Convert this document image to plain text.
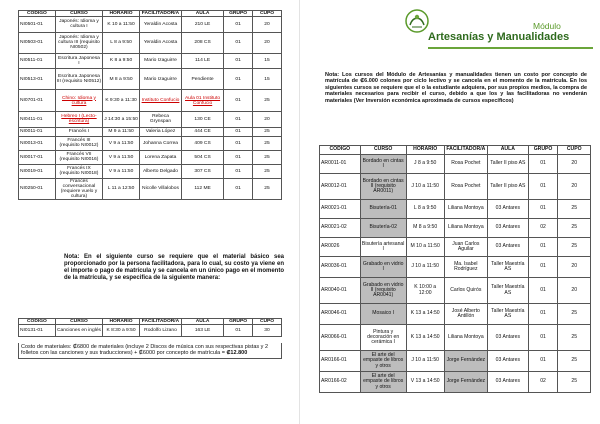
CÓDIGO	CURSO	HORARIO	FACILITADOR/A	AULA	GRUPO	CUPO
NI0501-01	Japonés: Idioma y cultura I	K 10 a 11:50	Yeraldin Acosta	210 LE	01	20
NI0503-01	Japonés: Idioma y cultura III (requisito NI0502)	L 8 a 9:50	Yeraldin Acosta	208 CS	01	20
NI0511-01	Escritura Japonesa I	K 8 a 9:50	Mario Izaguirre	114 LE	01	15
NI0513-01	Escritura Japonesa III (requisito NI0512)	M 8 a 9:50	Mario Izaguirre	Pendiente	01	15
NI0701-01	Chino: Idioma y cultura	K 9:30 a 11:30	Instituto Confucio	Aula 01 Instituto Confucio	01	25
NI0411-01	Hebreo I (Lecto-escritura)	J 14:30 a 15:50	Rebeca Grynspan	130 CE	01	20
NI0011-01	Francés I	M 9 a 11:50	Valeria López	444 CE	01	25
NI0013-01	Francés III (requisito NI0012)	V 9 a 11:50	Johanna Correa	409 CS	01	25
NI0017-01	Francés VII (requisito NI0016)	V 9 a 11:50	Lorena Zapata	504 CS	01	25
NI0019-01	Francés IX (requisito NI0018)	V 9 a 11:50	Alberto Delgado	307 CS	01	25
NI0250-01	Francés conversacional (requiere vuelo y cultura)	L 11 a 12:50	Nicolle Villalobos	112 ME	01	25

Nota: En el siguiente curso se requiere que el material básico sea proporcionado por la persona facilitadora, para lo cual, su costo ya viene en el importe o pago de matrícula y se cancela en un único pago en el momento de la matrícula, y se especifica de la siguiente manera:

CÓDIGO	CURSO	HORARIO	FACILITADOR/A	AULA	GRUPO	CUPO
NI0131-01	Canciones en inglés	K 8:30 a 9:50	Rodolfo Lizano	163 LE	01	30
Costo de materiales: ₡6800 de materiales (incluye 2 Discos de música con sus respectivas pistas y 2 folletos con las canciones y sus traducciones) + ₡6000 por concepto de matrícula = ₡12.800
Módulo
Artesanías y Manualidades

Nota: Los cursos del Módulo de Artesanías y manualidades tienen un costo por concepto de matrícula de ₡6.000 colones por ciclo lectivo y se cancela en el momento de la matrícula. En los siguientes cursos se requiere que el o la estudiante adquiera, por sus propios medios, la compra de materiales necesarios para recibir el curso, debido a que los y las facilitadoras no venderán materiales (Ver Inversión económica aproximada de cursos específicos)

CÓDIGO	CURSO	HORARIO	FACILITADOR/A	AULA	GRUPO	CUPO
AR0011-01	Bordado en cintas I	J 8 a 9:50	Rosa Pochet	Taller II piso AS	01	20
AR0012-01	Bordado en cintas II (requisito AR0011)	J 10 a 11:50	Rosa Pochet	Taller II piso AS	01	20
AR0021-01	Bisutería-01	L 8 a 9:50	Liliana Montoya	03 Antares	01	25
AR0021-02	Bisutería-02	M 8 a 9:50	Liliana Montoya	03 Antares	02	25
AR0026	Bisutería artesanal I	M 10 a 11:50	Juan Carlos Aguilar	03 Antares	01	25
AR0036-01	Grabado en vidrio I	J 10 a 11:50	Ma. Isabel Rodríguez	Taller Maestría AS	01	20
AR0040-01	Grabado en vidrio II (requisito AR0041)	K 10:00 a 12:00	Carlos Quirós	Taller Maestría AS	01	20
AR0046-01	Mosaico I	K 13 a 14:50	José Alberto Antillón	Taller Maestría AS	01	25
AR0066-01	Pintura y decoración en cerámica I	K 13 a 14:50	Liliana Montoya	03 Antares	01	25
AR0166-01	El arte del empaste de libros y otros	J 10 a 11:50	Jorge Fernández	03 Antares	01	25
AR0166-02	El arte del empaste de libros y otros	V 13 a 14:50	Jorge Fernández	03 Antares	02	25
